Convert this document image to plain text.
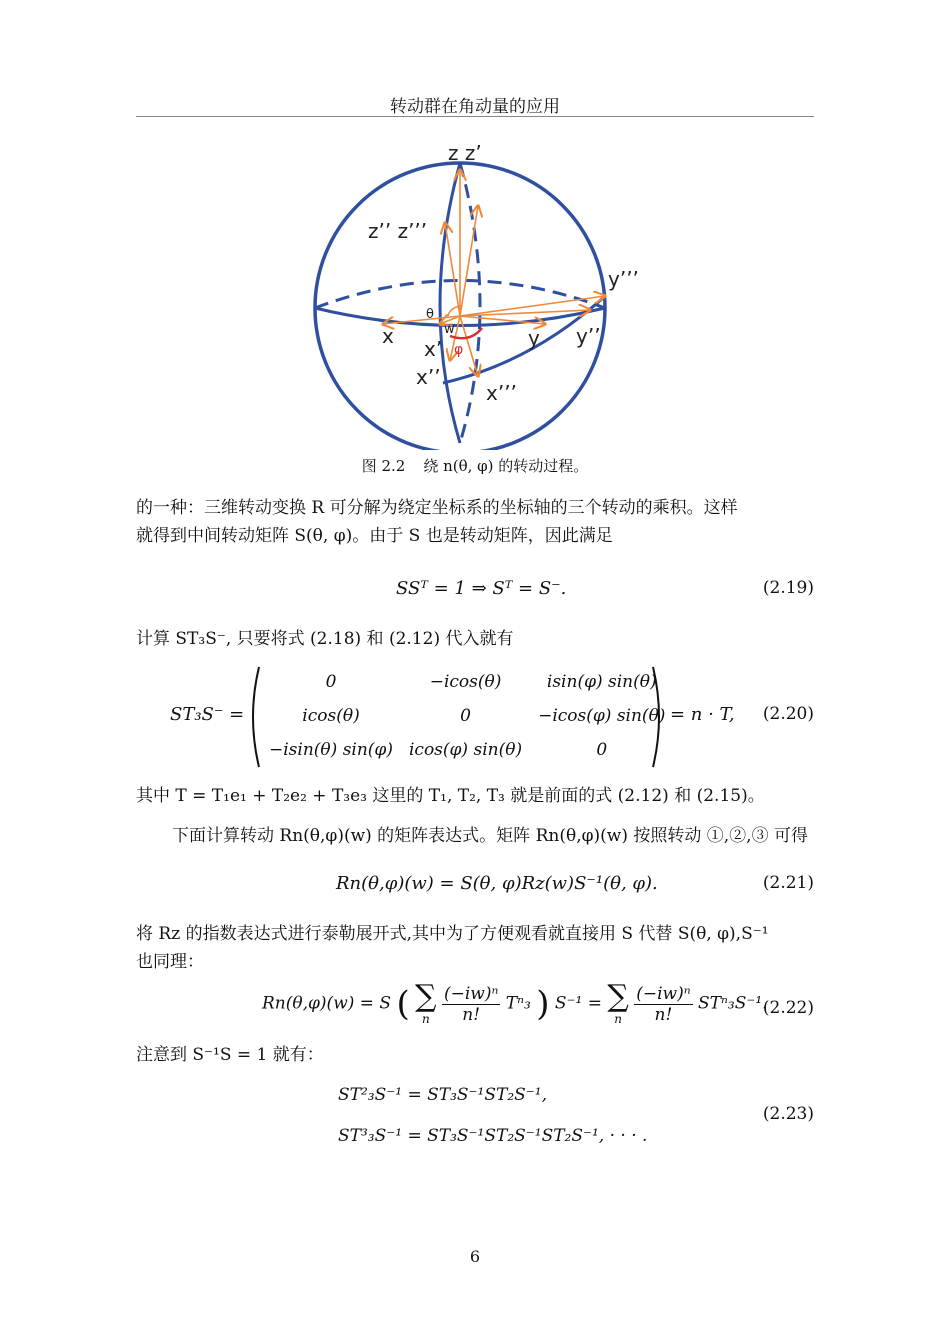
转动群在角动量的应用
z z’
z’’ z’’’
y’’’
y’’
y
x
x’
x’’
x’’’
θ
w
φ
图 2.2 绕 n(θ, φ) 的转动过程。
的一种：三维转动变换 R 可分解为绕定坐标系的坐标轴的三个转动的乘积。这样
就得到中间转动矩阵 S(θ, φ)。由于 S 也是转动矩阵，因此满足
SSᵀ = 1 ⇒ Sᵀ = S⁻.	(2.19)
计算 ST₃S⁻, 只要将式 (2.18) 和 (2.12) 代入就有
ST₃S⁻ =
0	−icos(θ)	isin(φ) sin(θ)
icos(θ)	0	−icos(φ) sin(θ)
−isin(θ) sin(φ)	icos(φ) sin(θ)	0
= n · T, (2.20)
其中 T = T₁e₁ + T₂e₂ + T₃e₃ 这里的 T₁, T₂, T₃ 就是前面的式 (2.12) 和 (2.15)。
下面计算转动 Rn(θ,φ)(w) 的矩阵表达式。矩阵 Rn(θ,φ)(w) 按照转动 ①,②,③ 可得
Rn(θ,φ)(w) = S(θ, φ)Rz(w)S⁻¹(θ, φ).	(2.21)
将 Rz 的指数表达式进行泰勒展开式,其中为了方便观看就直接用 S 代替 S(θ, φ),S⁻¹
也同理：
Rn(θ,φ)(w) = S ( ∑
n
$\frac{\text{(−iw)ⁿ}}{n!} T^n_3$ ) S⁻¹ = ∑
n
$\frac{\text{(−iw)ⁿ}}{n!} ST^n_3S^{-1}$.
(2.22)
注意到 S⁻¹S = 1 就有：
ST²₃S⁻¹ = ST₃S⁻¹ST₂S⁻¹,
ST³₃S⁻¹ = ST₃S⁻¹ST₂S⁻¹ST₂S⁻¹, · · · .
(2.23)
6
